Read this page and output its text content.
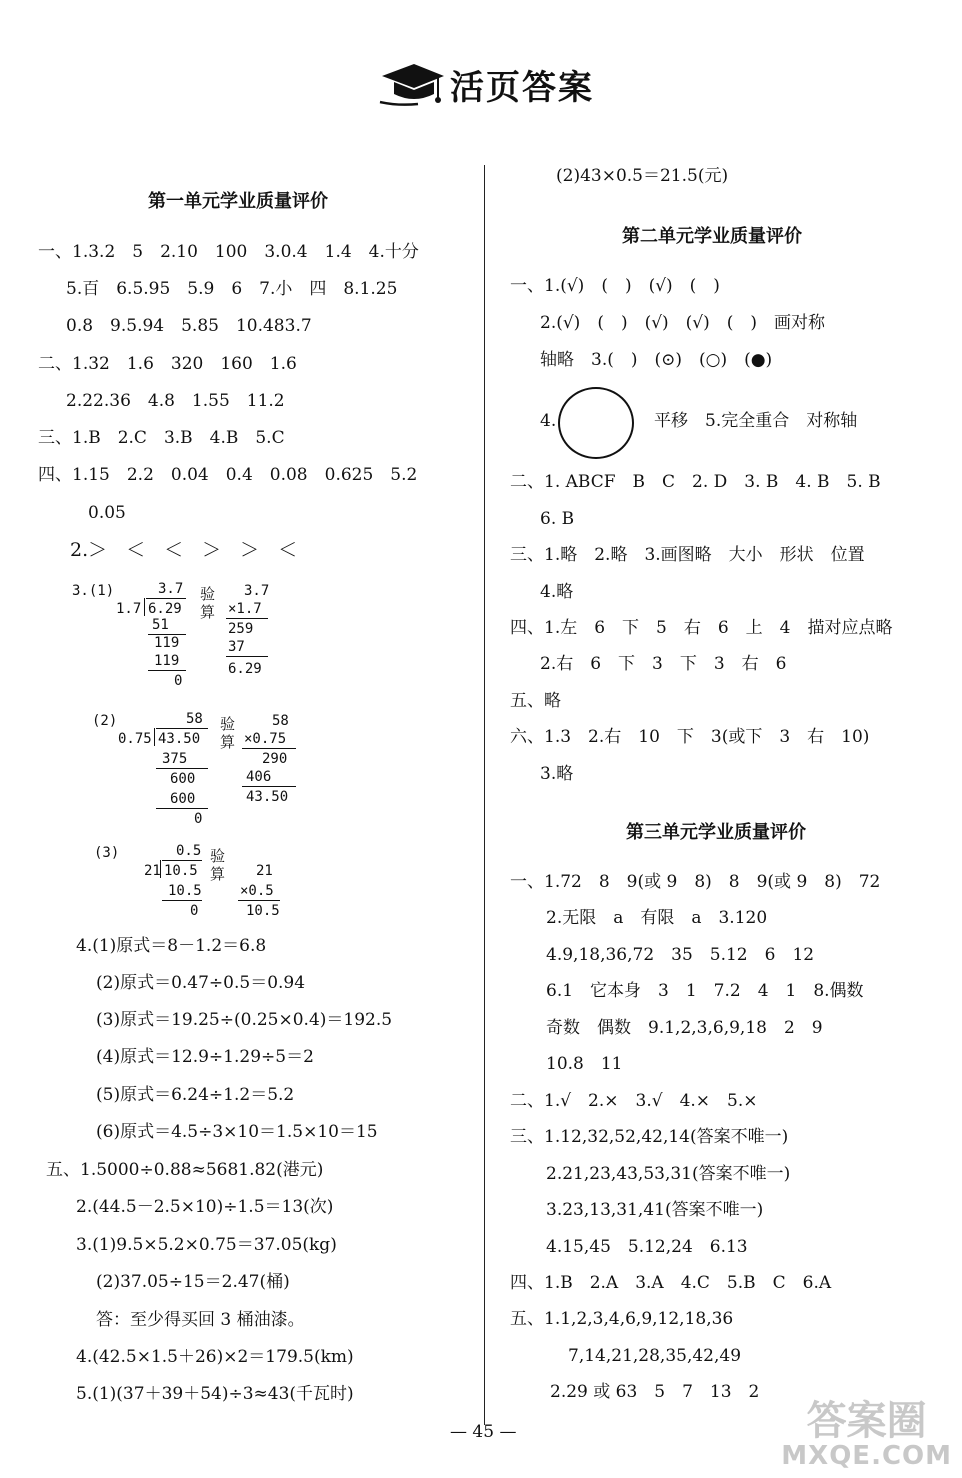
活页答案

第一单元学业质量评价
一、1.3.2　5　2.10　100　3.0.4　1.4　4.十分
5.百　6.5.95　5.9　6　7.小　四　8.1.25
0.8　9.5.94　5.85　10.483.7
二、1.32　1.6　320　160　1.6
2.22.36　4.8　1.55　11.2
三、1.B　2.C　3.B　4.B　5.C
四、1.15　2.2　0.04　0.4　0.08　0.625　5.2
0.05
2.＞　＜　＜　＞　＞　＜
3.(1)	3.7
1.7 6.29
51
119
119
0
验
算
3.7
×1.7
259
37
6.29
(2)	58
0.75 43.50
375
600
600
0
验
算
58
×0.75
290
406
43.50
(3)	0.5
21 10.5
10.5
0
验
算 21
×0.5
10.5
4.(1)原式＝8－1.2＝6.8
(2)原式＝0.47÷0.5＝0.94
(3)原式＝19.25÷(0.25×0.4)＝192.5
(4)原式＝12.9÷1.29÷5＝2
(5)原式＝6.24÷1.2＝5.2
(6)原式＝4.5÷3×10＝1.5×10＝15
五、1.5000÷0.88≈5681.82(港元)
2.(44.5－2.5×10)÷1.5＝13(次)
3.(1)9.5×5.2×0.75＝37.05(kg)
(2)37.05÷15＝2.47(桶)
答：至少得买回 3 桶油漆。
4.(42.5×1.5＋26)×2＝179.5(km)
5.(1)(37＋39＋54)÷3≈43(千瓦时)
(2)43×0.5＝21.5(元)
第二单元学业质量评价
一、1.(√)　(　)　(√)　(　)
2.(√)　(　)　(√)　(√)　(　)　画对称
轴略　3.(　)　(⊙)　(○)　(●)
4.	平移　5.完全重合　对称轴
二、1. ABCF　B　C　2. D　3. B　4. B　5. B
6. B
三、1.略　2.略　3.画图略　大小　形状　位置
4.略
四、1.左　6　下　5　右　6　上　4　描对应点略
2.右　6　下　3　下　3　右　6
五、略
六、1.3　2.右　10　下　3(或下　3　右　10)
3.略
第三单元学业质量评价
一、1.72　8　9(或 9　8)　8　9(或 9　8)　72
2.无限　a　有限　a　3.120
4.9,18,36,72　35　5.12　6　12
6.1　它本身　3　1　7.2　4　1　8.偶数
奇数　偶数　9.1,2,3,6,9,18　2　9
10.8　11
二、1.√　2.×　3.√　4.×　5.×
三、1.12,32,52,42,14(答案不唯一)
2.21,23,43,53,31(答案不唯一)
3.23,13,31,41(答案不唯一)
4.15,45　5.12,24　6.13
四、1.B　2.A　3.A　4.C　5.B　C　6.A
五、1.1,2,3,4,6,9,12,18,36
7,14,21,28,35,42,49
2.29 或 63　5　7　13　2
— 45 —	答案圈
MXQE.COM
